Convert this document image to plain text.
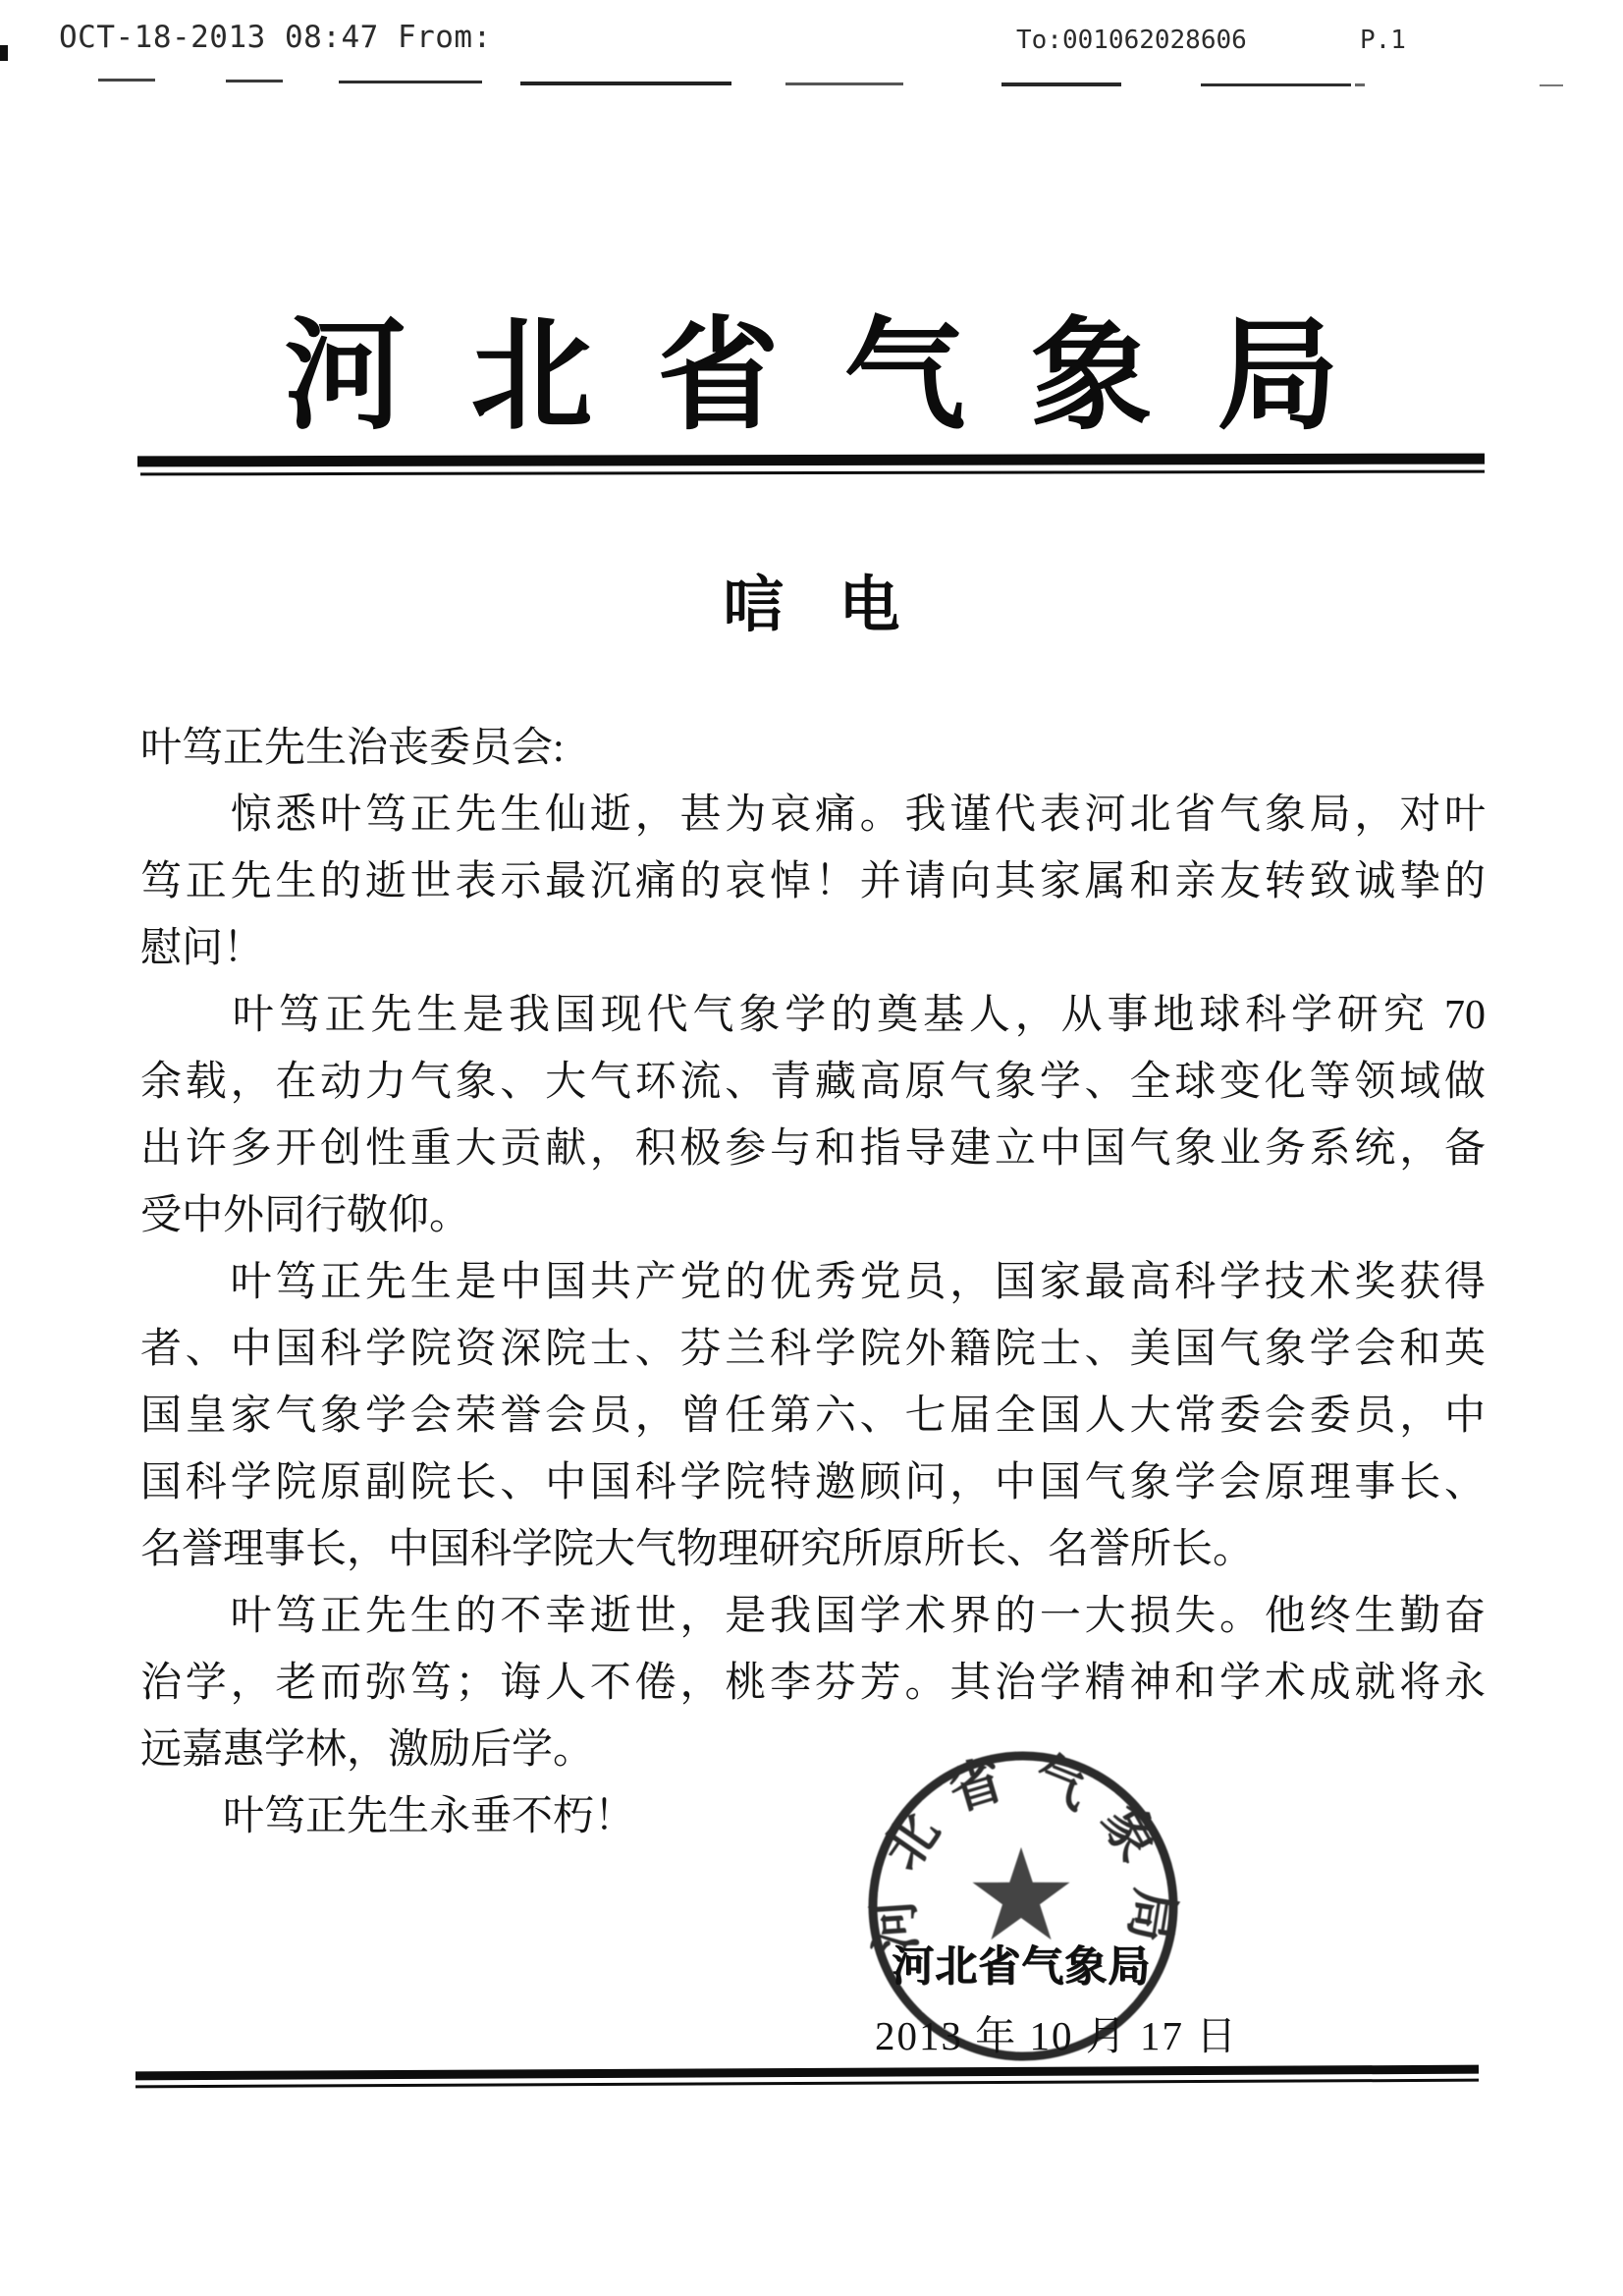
OCT-18-2013 08:47 From:	To:001062028606	P.1
河北省气象局
唁电
叶笃正先生治丧委员会:
　　惊悉叶笃正先生仙逝，甚为哀痛。我谨代表河北省气象局，对叶
笃正先生的逝世表示最沉痛的哀悼！并请向其家属和亲友转致诚挚的
慰问！
　　叶笃正先生是我国现代气象学的奠基人，从事地球科学研究 70
余载，在动力气象、大气环流、青藏高原气象学、全球变化等领域做
出许多开创性重大贡献，积极参与和指导建立中国气象业务系统，备
受中外同行敬仰。
　　叶笃正先生是中国共产党的优秀党员，国家最高科学技术奖获得
者、中国科学院资深院士、芬兰科学院外籍院士、美国气象学会和英
国皇家气象学会荣誉会员，曾任第六、七届全国人大常委会委员，中
国科学院原副院长、中国科学院特邀顾问，中国气象学会原理事长、
名誉理事长，中国科学院大气物理研究所原所长、名誉所长。
　　叶笃正先生的不幸逝世，是我国学术界的一大损失。他终生勤奋
治学，老而弥笃；诲人不倦，桃李芬芳。其治学精神和学术成就将永
远嘉惠学林，激励后学。
　　叶笃正先生永垂不朽！
河北省气象局
河北省气象局
2013 年 10 月 17 日
